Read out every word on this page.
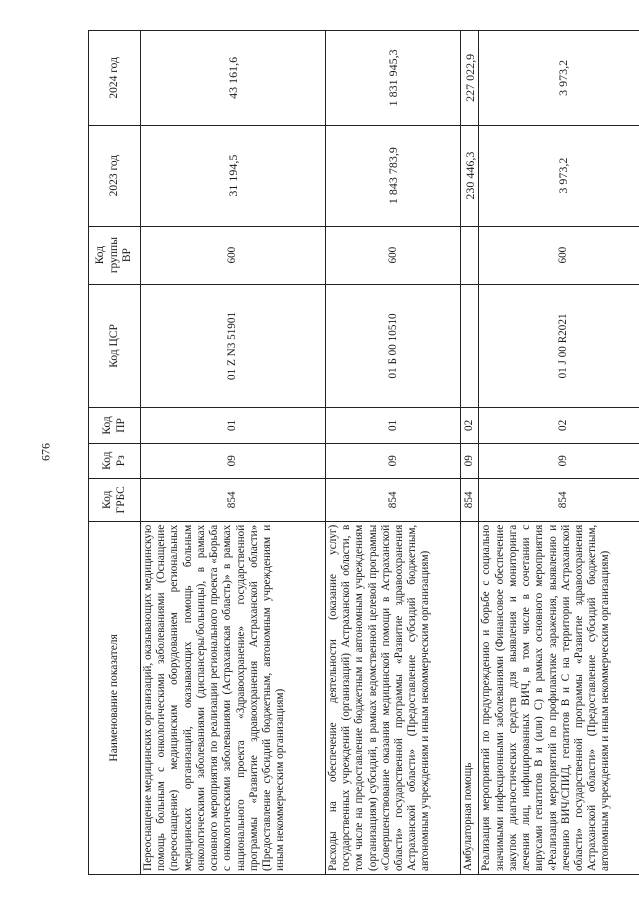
676
Наименование показателя	Код ГРБС	Код Рз	Код ПР	Код ЦСР	Код группы ВР	2023 год	2024 год
Переоснащение медицинских организаций, оказывающих медицинскую помощь больным с онкологическими заболеваниями (Оснащение (переоснащение) медицинским оборудованием региональных медицинских организаций, оказывающих помощь больным онкологическими заболеваниями (диспансеры/больницы), в рамках основного мероприятия по реализации регионального проекта «Борьба с онкологическими заболеваниями (Астраханская область)» в рамках национального проекта «Здравоохранение» государственной программы «Развитие здравоохранения Астраханской области» (Предоставление субсидий бюджетным, автономным учреждениям и иным некоммерческим организациям)	854	09	01	01 Z N3 51901	600	31 194,5	43 161,6
Расходы на обеспечение деятельности (оказание услуг) государственных учреждений (организаций) Астраханской области, в том числе на предоставление бюджетным и автономным учреждениям (организациям) субсидий, в рамках ведомственной целевой программы «Совершенствование оказания медицинской помощи в Астраханской области» государственной программы «Развитие здравоохранения Астраханской области» (Предоставление субсидий бюджетным, автономным учреждениям и иным некоммерческим организациям)	854	09	01	01 Б 00 10510	600	1 843 783,9	1 831 945,3
Амбулаторная помощь	854	09	02			230 446,3	227 022,9
Реализация мероприятий по предупреждению и борьбе с социально значимыми инфекционными заболеваниями (Финансовое обеспечение закупок диагностических средств для выявления и мониторинга лечения лиц, инфицированных ВИЧ, в том числе в сочетании с вирусами гепатитов В и (или) С) в рамках основного мероприятия «Реализация мероприятий по профилактике заражения, выявлению и лечению ВИЧ/СПИД, гепатитов В и С на территории Астраханской области» государственной программы «Развитие здравоохранения Астраханской области» (Предоставление субсидий бюджетным, автономным учреждениям и иным некоммерческим организациям)	854	09	02	01 J 00 R2021	600	3 973,2	3 973,2
